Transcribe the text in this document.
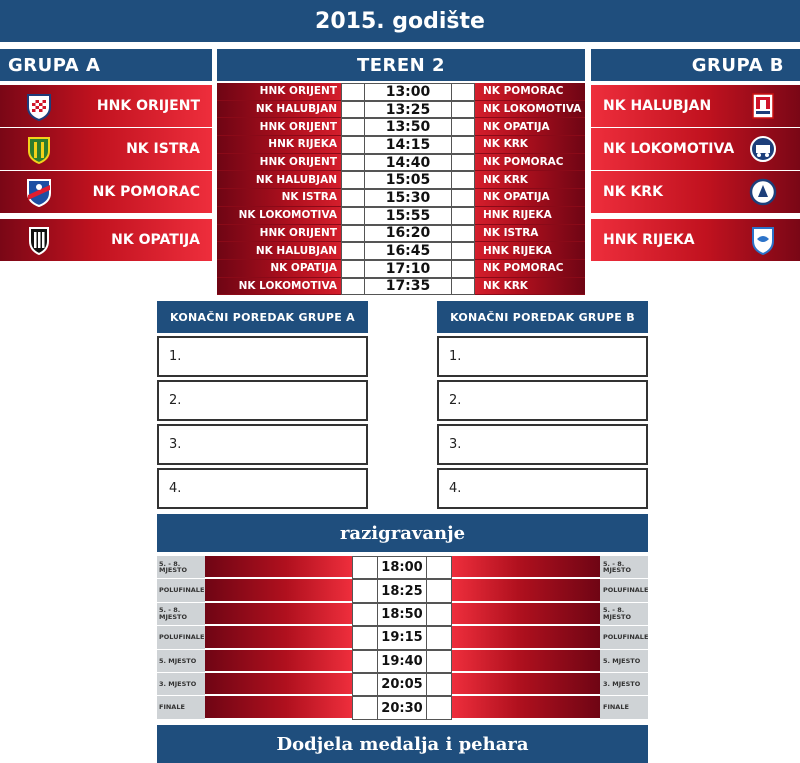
2015. godište
GRUPA A	TEREN 2	GRUPA B
HNK ORIJENT
NK ISTRA
NK POMORAC
NK OPATIJA
NK HALUBJAN
NK LOKOMOTIVA
NK KRK
HNK RIJEKA
HNK ORIJENT	13:00	NK POMORAC
NK HALUBJAN	13:25	NK LOKOMOTIVA
HNK ORIJENT	13:50	NK OPATIJA
HNK RIJEKA	14:15	NK KRK
HNK ORIJENT	14:40	NK POMORAC
NK HALUBJAN	15:05	NK KRK
NK ISTRA	15:30	NK OPATIJA
NK LOKOMOTIVA	15:55	HNK RIJEKA
HNK ORIJENT	16:20	NK ISTRA
NK HALUBJAN	16:45	HNK RIJEKA
NK OPATIJA	17:10	NK POMORAC
NK LOKOMOTIVA	17:35	NK KRK
KONAČNI POREDAK GRUPE A
1.
2.
3.
4.
KONAČNI POREDAK GRUPE B
1.
2.
3.
4.
razigravanje
5. - 8. MJESTO	18:00	5. - 8. MJESTO
POLUFINALE	18:25	POLUFINALE
5. - 8. MJESTO	18:50	5. - 8. MJESTO
POLUFINALE	19:15	POLUFINALE
5. MJESTO	19:40	5. MJESTO
3. MJESTO	20:05	3. MJESTO
FINALE	20:30	FINALE
Dodjela medalja i pehara
